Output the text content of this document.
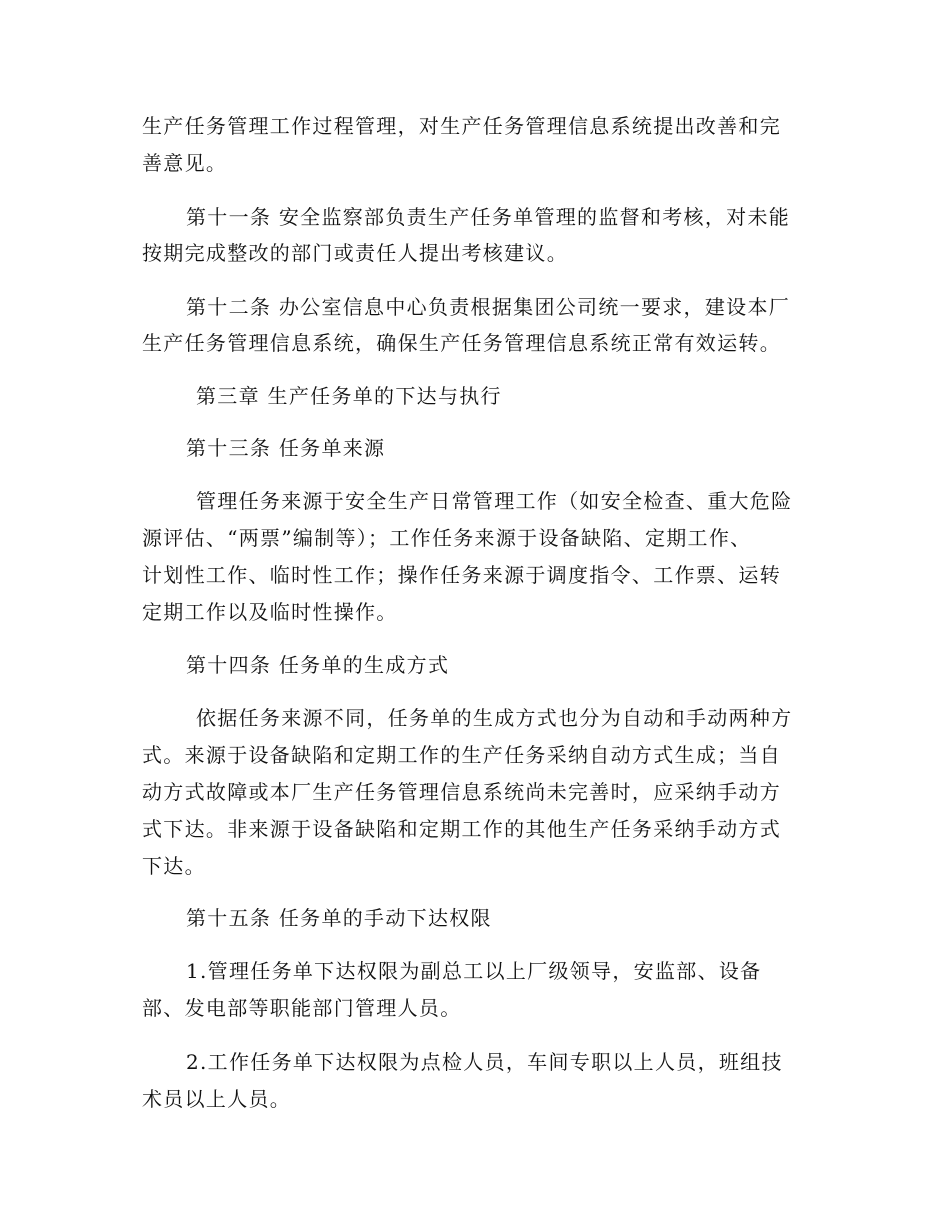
生产任务管理工作过程管理，对生产任务管理信息系统提出改善和完
善意见。
第十一条 安全监察部负责生产任务单管理的监督和考核，对未能
按期完成整改的部门或责任人提出考核建议。
第十二条 办公室信息中心负责根据集团公司统一要求，建设本厂
生产任务管理信息系统，确保生产任务管理信息系统正常有效运转。
第三章 生产任务单的下达与执行
第十三条 任务单来源
管理任务来源于安全生产日常管理工作（如安全检查、重大危险
源评估、“两票”编制等）；工作任务来源于设备缺陷、定期工作、
计划性工作、临时性工作；操作任务来源于调度指令、工作票、运转
定期工作以及临时性操作。
第十四条 任务单的生成方式
依据任务来源不同，任务单的生成方式也分为自动和手动两种方
式。来源于设备缺陷和定期工作的生产任务采纳自动方式生成；当自
动方式故障或本厂生产任务管理信息系统尚未完善时，应采纳手动方
式下达。非来源于设备缺陷和定期工作的其他生产任务采纳手动方式
下达。
第十五条 任务单的手动下达权限
1.管理任务单下达权限为副总工以上厂级领导，安监部、设备
部、发电部等职能部门管理人员。
2.工作任务单下达权限为点检人员，车间专职以上人员，班组技
术员以上人员。
